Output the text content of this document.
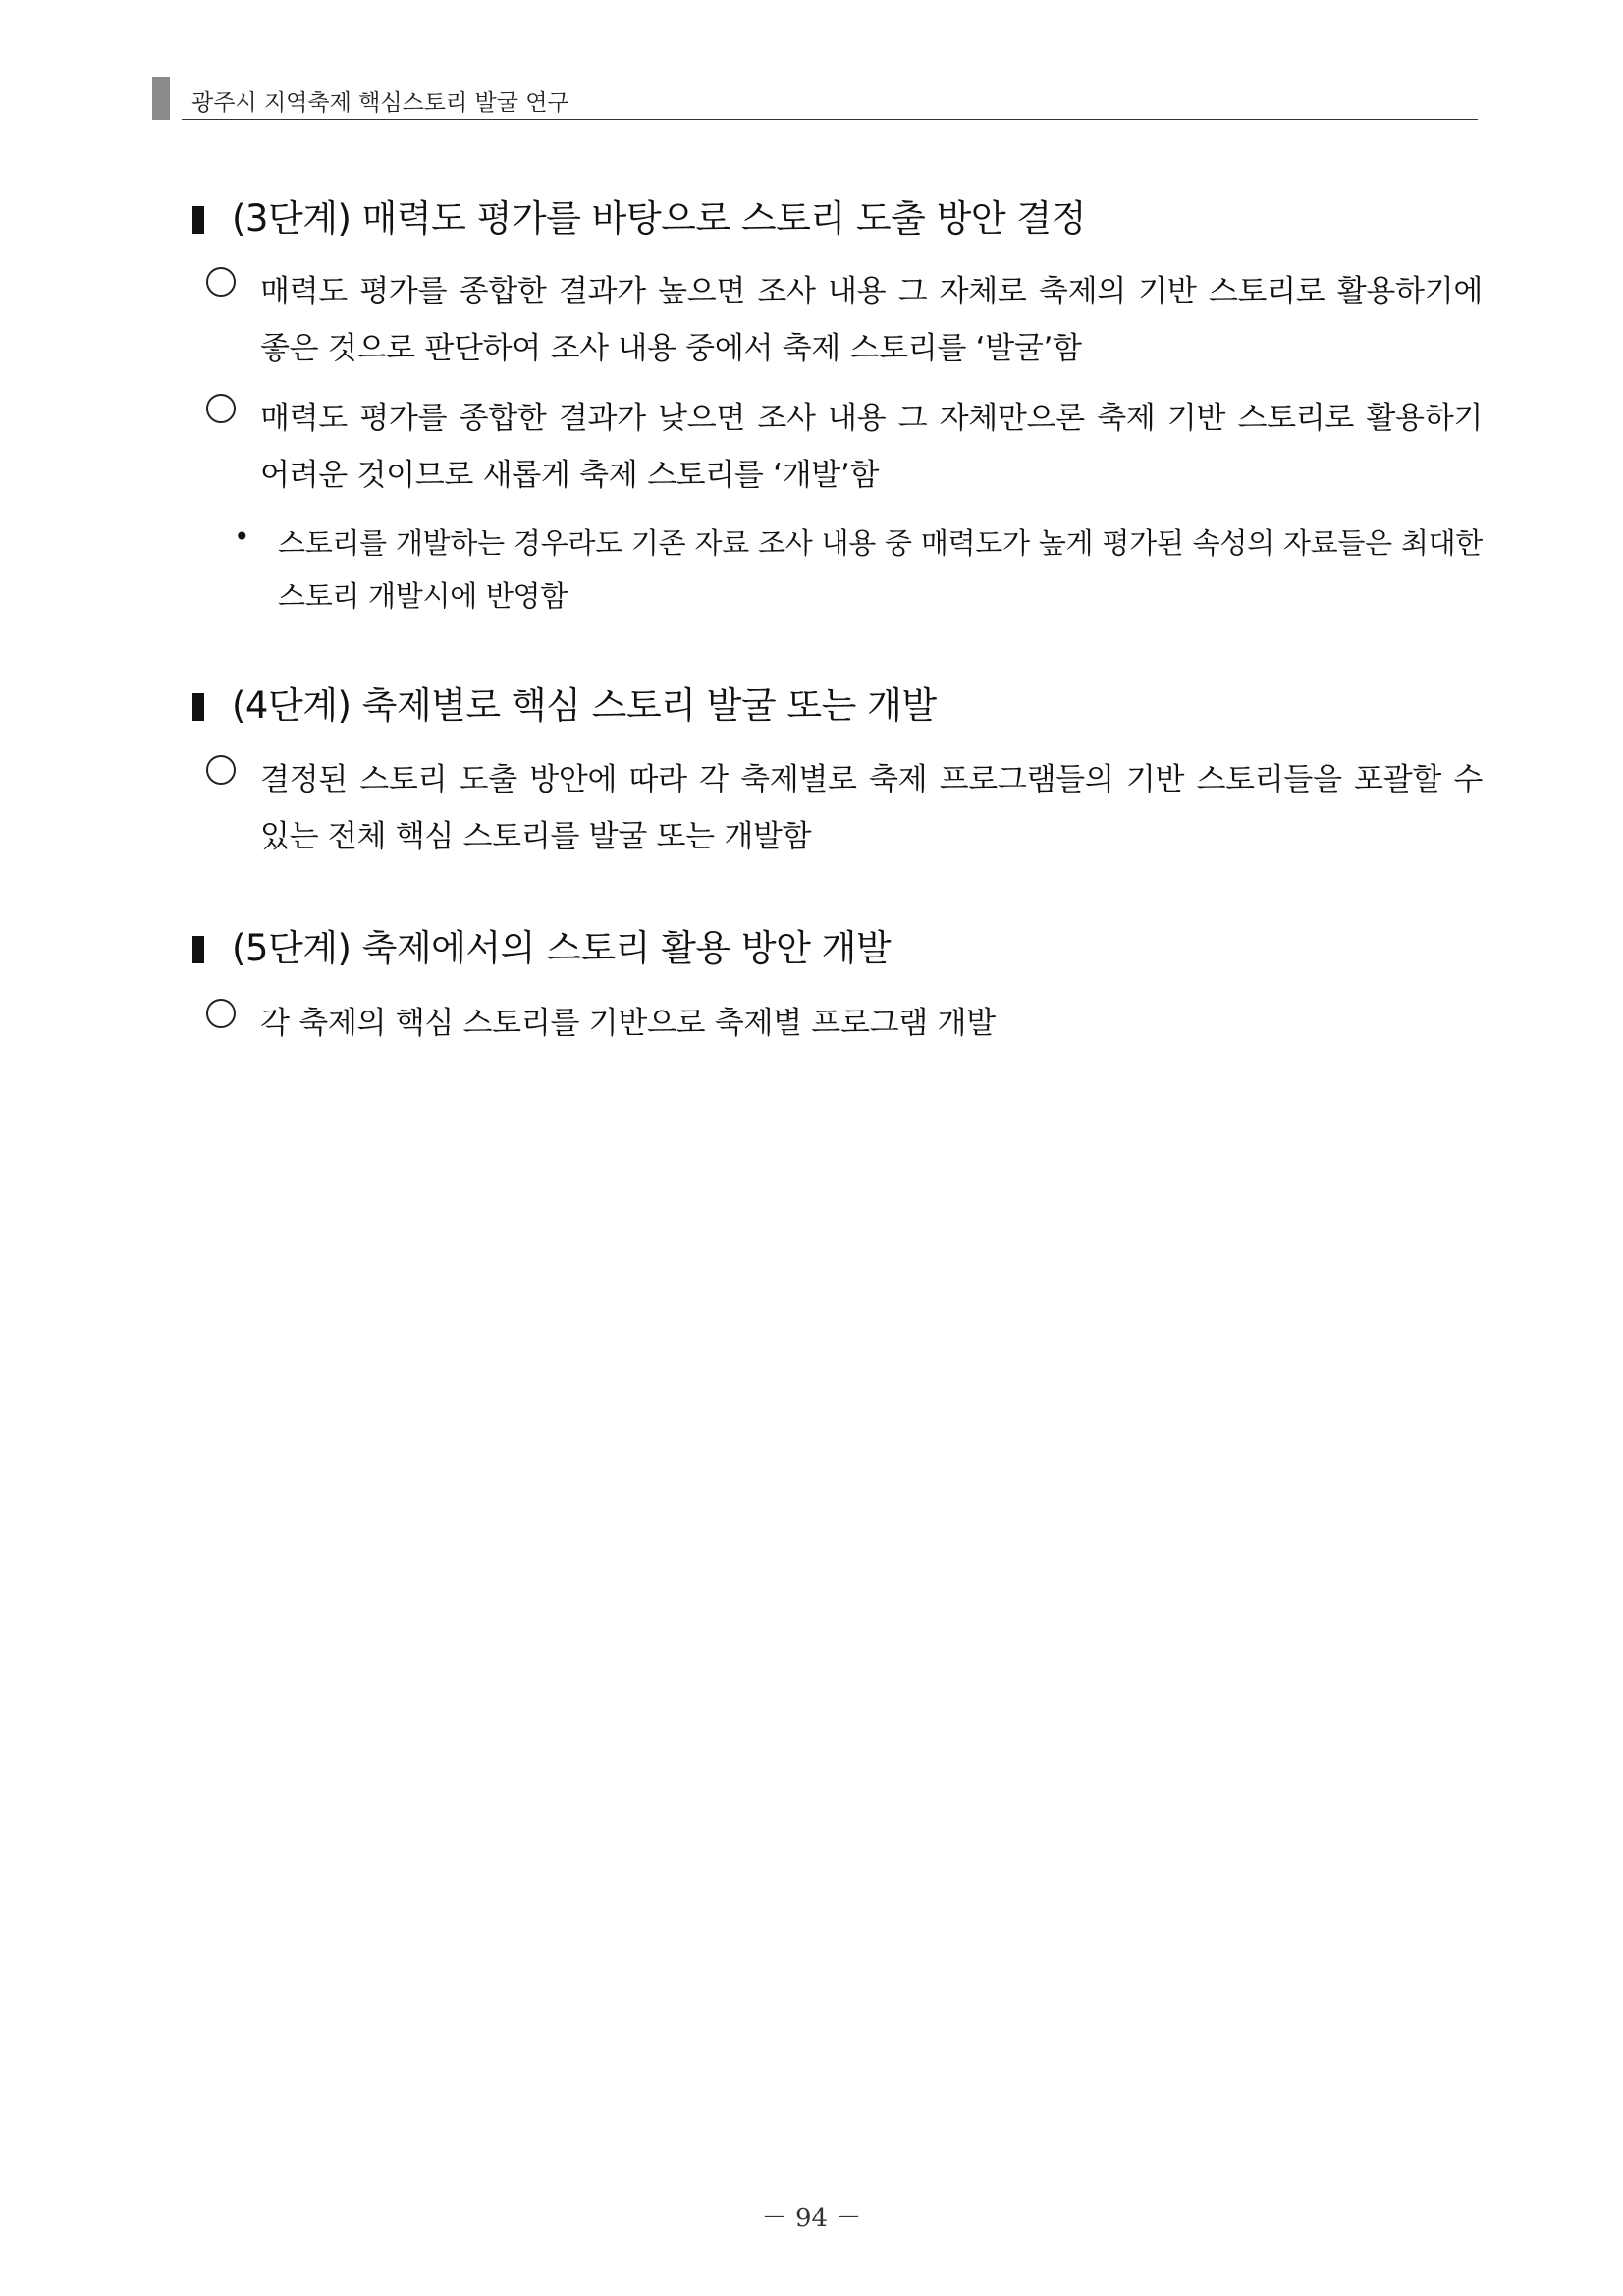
광주시 지역축제 핵심스토리 발굴 연구
(3단계) 매력도 평가를 바탕으로 스토리 도출 방안 결정
매력도 평가를 종합한 결과가 높으면 조사 내용 그 자체로 축제의 기반 스토리로 활용하기에 좋은 것으로 판단하여 조사 내용 중에서 축제 스토리를 ‘발굴’함
매력도 평가를 종합한 결과가 낮으면 조사 내용 그 자체만으론 축제 기반 스토리로 활용하기 어려운 것이므로 새롭게 축제 스토리를 ‘개발’함
• 스토리를 개발하는 경우라도 기존 자료 조사 내용 중 매력도가 높게 평가된 속성의 자료들은 최대한 스토리 개발시에 반영함
(4단계) 축제별로 핵심 스토리 발굴 또는 개발
결정된 스토리 도출 방안에 따라 각 축제별로 축제 프로그램들의 기반 스토리들을 포괄할 수 있는 전체 핵심 스토리를 발굴 또는 개발함
(5단계) 축제에서의 스토리 활용 방안 개발
각 축제의 핵심 스토리를 기반으로 축제별 프로그램 개발
－ 94 －
